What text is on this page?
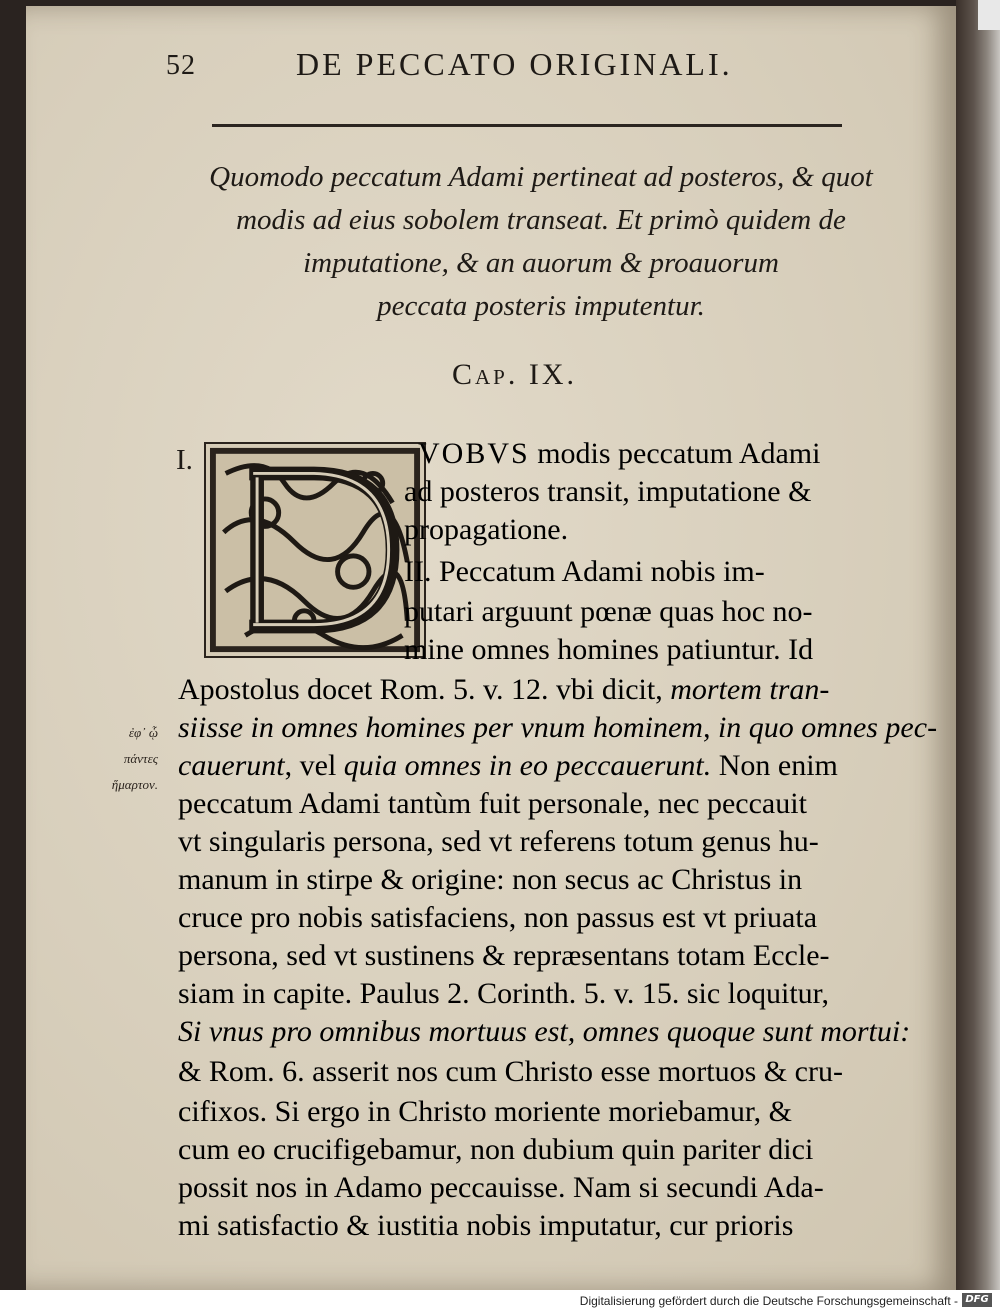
52	DE PECCATO ORIGINALI.
Quomodo peccatum Adami pertineat ad posteros, & quot
modis ad eius sobolem transeat. Et primò quidem de
imputatione, & an auorum & proauorum
peccata posteris imputentur.
Cap. IX.
I.	VOBVS modis peccatum Adami
ad posteros transit, imputatione &
propagatione.
II. Peccatum Adami nobis im-
putari arguunt pœnæ quas hoc no-
mine omnes homines patiuntur. Id
Apostolus docet Rom. 5. v. 12. vbi dicit, mortem tran-
siisse in omnes homines per vnum hominem, in quo omnes pec-
cauerunt, vel quia omnes in eo peccauerunt. Non enim
peccatum Adami tantùm fuit personale, nec peccauit
vt singularis persona, sed vt referens totum genus hu-
manum in stirpe & origine: non secus ac Christus in
cruce pro nobis satisfaciens, non passus est vt priuata
persona, sed vt sustinens & repræsentans totam Eccle-
siam in capite. Paulus 2. Corinth. 5. v. 15. sic loquitur,
Si vnus pro omnibus mortuus est, omnes quoque sunt mortui:
& Rom. 6. asserit nos cum Christo esse mortuos & cru-
cifixos. Si ergo in Christo moriente moriebamur, &
cum eo crucifigebamur, non dubium quin pariter dici
possit nos in Adamo peccauisse. Nam si secundi Ada-
mi satisfactio & iustitia nobis imputatur, cur prioris
ἐφ᾽ ᾧ
πάντες
ἥμαρτον.
Digitalisierung gefördert durch die Deutsche Forschungsgemeinschaft - DFG
